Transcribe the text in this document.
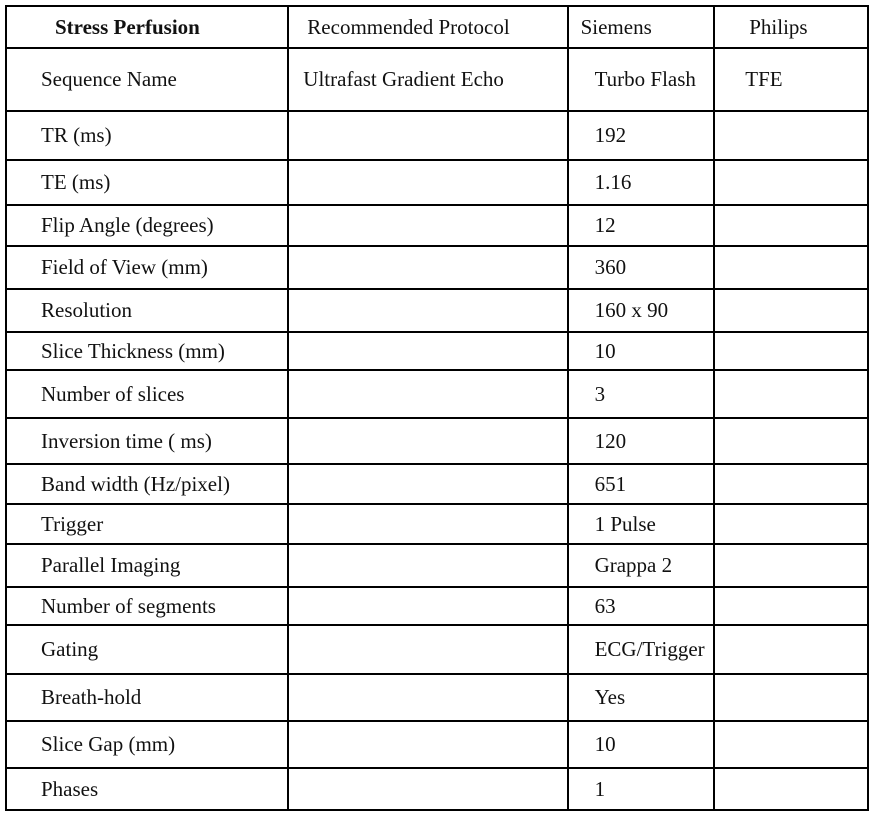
Stress Perfusion	Recommended Protocol	Siemens	Philips
Sequence Name	Ultrafast Gradient Echo	Turbo Flash	TFE
TR (ms)		192	
TE (ms)		1.16	
Flip Angle (degrees)		12	
Field of View (mm)		360	
Resolution		160 x 90	
Slice Thickness (mm)		10	
Number of slices		3	
Inversion time ( ms)		120	
Band width (Hz/pixel)		651	
Trigger		1 Pulse	
Parallel Imaging		Grappa 2	
Number of segments		63	
Gating		ECG/Trigger	
Breath-hold		Yes	
Slice Gap (mm)		10	
Phases		1	
